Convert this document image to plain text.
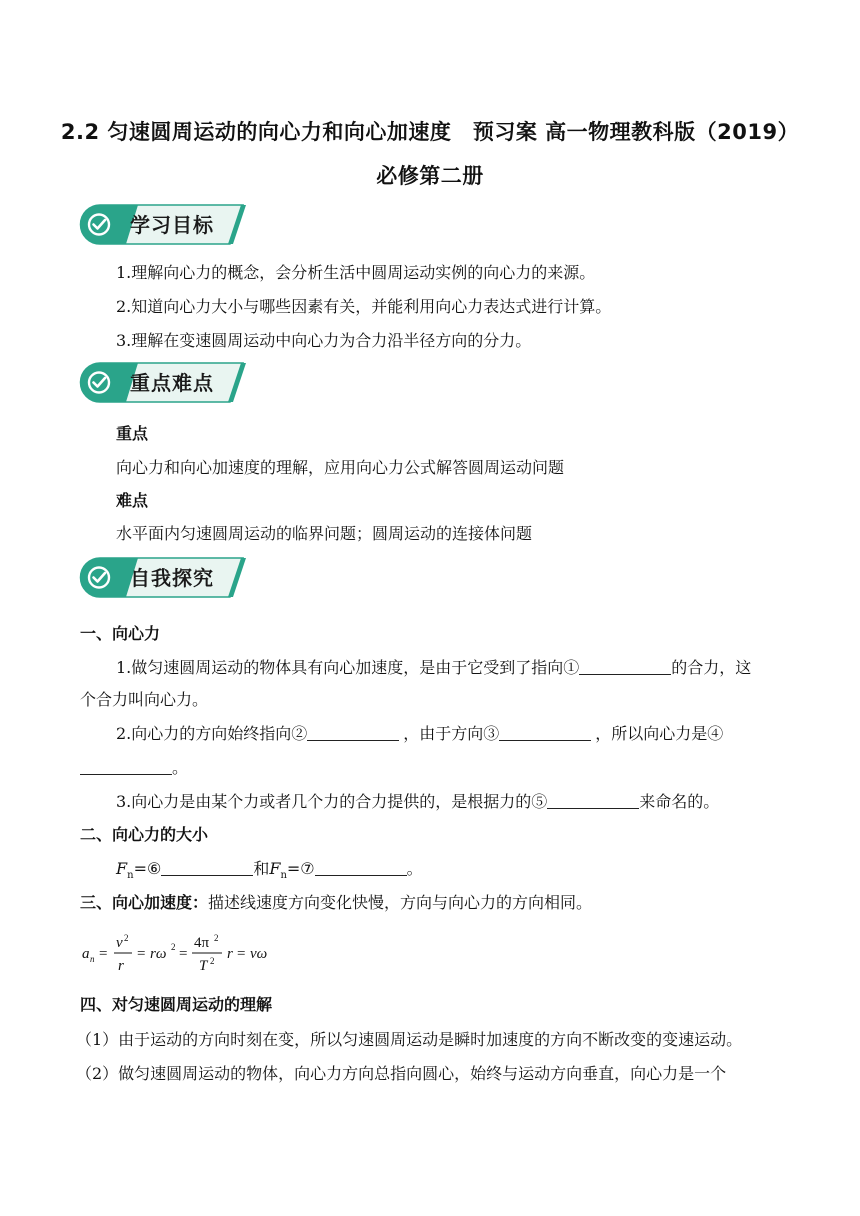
2.2 匀速圆周运动的向心力和向心加速度　预习案 高一物理教科版（2019）
必修第二册
学习目标
1.理解向心力的概念，会分析生活中圆周运动实例的向心力的来源。
2.知道向心力大小与哪些因素有关，并能利用向心力表达式进行计算。
3.理解在变速圆周运动中向心力为合力沿半径方向的分力。
重点难点
重点
向心力和向心加速度的理解，应用向心力公式解答圆周运动问题
难点
水平面内匀速圆周运动的临界问题；圆周运动的连接体问题
自我探究
一、向心力
1.做匀速圆周运动的物体具有向心加速度，是由于它受到了指向①	的合力，这
个合力叫向心力。
2.向心力的方向始终指向②	，由于方向③	，所以向心力是④
。
3.向心力是由某个力或者几个力的合力提供的，是根据力的⑤	来命名的。
二、向心力的大小
$F_n=⑥$	和$F_n=⑦$	。
三、向心加速度：描述线速度方向变化快慢，方向与向心力的方向相同。
a n =
v 2
r
= rω 2 =
4π 2
T 2 r = vω
四、对匀速圆周运动的理解
（1）由于运动的方向时刻在变，所以匀速圆周运动是瞬时加速度的方向不断改变的变速运动。
（2）做匀速圆周运动的物体，向心力方向总指向圆心，始终与运动方向垂直，向心力是一个
